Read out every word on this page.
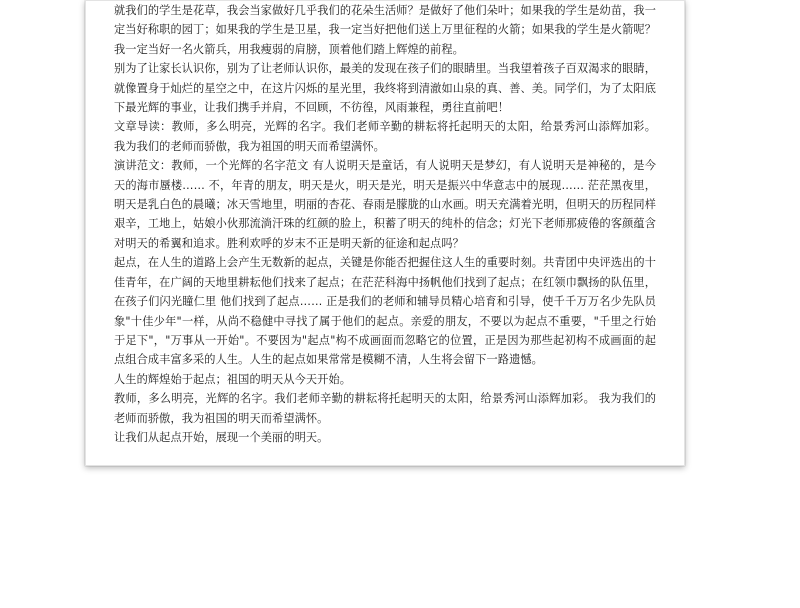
就我们的学生是花草，我会当家做好几乎我们的花朵生活师？是做好了他们朵叶；如果我的学生是幼苗，我一定当好称职的园丁；如果我的学生是卫星，我一定当好把他们送上万里征程的火箭；如果我的学生是火箭呢？我一定当好一名火箭兵，用我瘦弱的肩膀，顶着他们踏上辉煌的前程。

别为了让家长认识你，别为了让老师认识你，最美的发现在孩子们的眼睛里。当我望着孩子百双渴求的眼睛，就像置身于灿烂的星空之中，在这片闪烁的星光里，我终将到清澈如山泉的真、善、美。同学们，为了太阳底下最光辉的事业，让我们携手并肩，不回顾，不彷徨，风雨兼程，勇往直前吧！

文章导读：教师，多么明亮，光辉的名字。我们老师辛勤的耕耘将托起明天的太阳，给景秀河山添辉加彩。 我为我们的老师而骄傲，我为祖国的明天而希望满怀。

演讲范文：教师，一个光辉的名字范文 有人说明天是童话，有人说明天是梦幻，有人说明天是神秘的，是今天的海市蜃楼…… 不，年青的朋友，明天是火，明天是光，明天是振兴中华意志中的展现…… 茫茫黑夜里，明天是乳白色的晨曦；冰天雪地里，明丽的杏花、春雨是朦胧的山水画。明天充满着光明，但明天的历程同样艰辛，工地上，姑娘小伙那流淌汗珠的红颜的脸上，积蓄了明天的纯朴的信念；灯光下老师那疲倦的客颜蕴含对明天的希翼和追求。胜利欢呼的岁末不正是明天新的征途和起点吗？

起点，在人生的道路上会产生无数新的起点，关键是你能否把握住这人生的重要时刻。共青团中央评选出的十佳青年，在广阔的天地里耕耘他们找来了起点；在茫茫科海中扬帆他们找到了起点；在红领巾飘扬的队伍里，在孩子们闪光瞳仁里 他们找到了起点…… 正是我们的老师和辅导员精心培育和引导，使千千万万名少先队员象"十佳少年"一样，从尚不稳健中寻找了属于他们的起点。亲爱的朋友，不要以为起点不重要，"千里之行始于足下"，"万事从一开始"。不要因为"起点"构不成画面而忽略它的位置，正是因为那些起初构不成画面的起点组合成丰富多采的人生。人生的起点如果常常是模糊不清，人生将会留下一路遗憾。

人生的辉煌始于起点；祖国的明天从今天开始。

教师，多么明亮，光辉的名字。我们老师辛勤的耕耘将托起明天的太阳，给景秀河山添辉加彩。 我为我们的老师而骄傲，我为祖国的明天而希望满怀。

让我们从起点开始，展现一个美丽的明天。
